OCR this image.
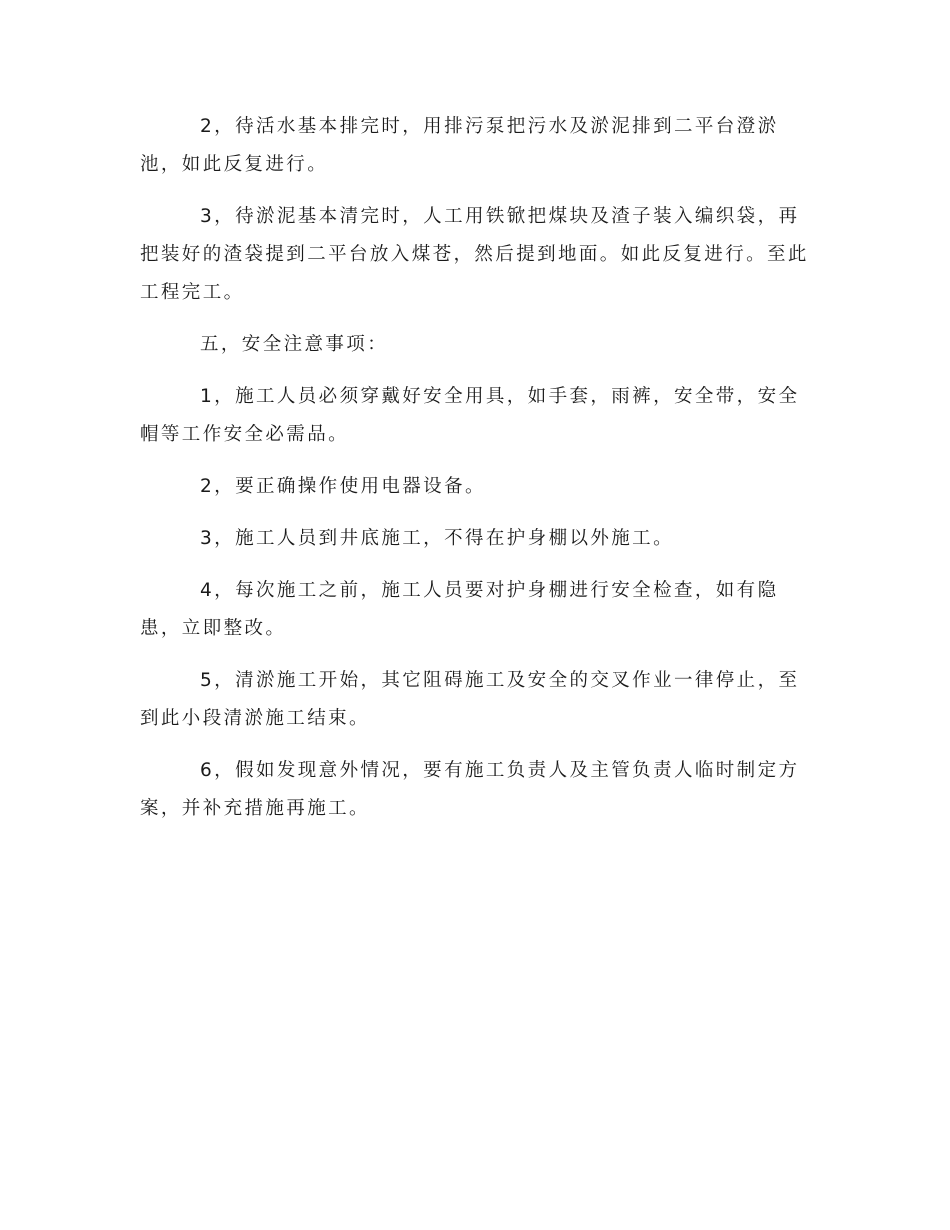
2，待活水基本排完时，用排污泵把污水及淤泥排到二平台澄淤池，如此反复进行。

3，待淤泥基本清完时，人工用铁锨把煤块及渣子装入编织袋，再把装好的渣袋提到二平台放入煤苍，然后提到地面。如此反复进行。至此工程完工。

五，安全注意事项：

1，施工人员必须穿戴好安全用具，如手套，雨裤，安全带，安全帽等工作安全必需品。

2，要正确操作使用电器设备。

3，施工人员到井底施工，不得在护身棚以外施工。

4，每次施工之前，施工人员要对护身棚进行安全检查，如有隐患，立即整改。

5，清淤施工开始，其它阻碍施工及安全的交叉作业一律停止，至到此小段清淤施工结束。

6，假如发现意外情况，要有施工负责人及主管负责人临时制定方案，并补充措施再施工。
